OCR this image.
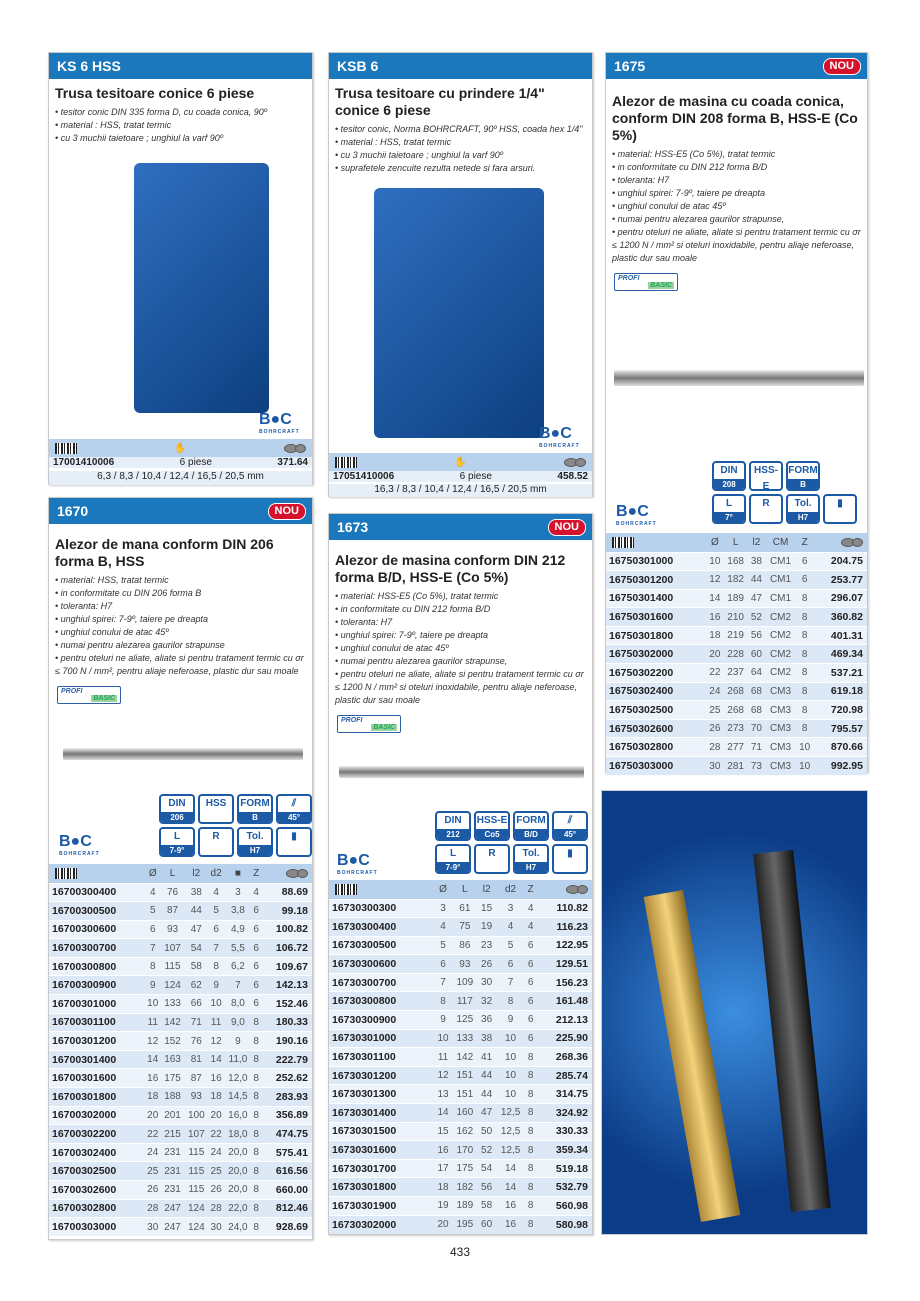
KS 6 HSS
Trusa tesitoare conice 6 piese
• tesitor conic DIN 335 forma D, cu coada conica, 90º
• material : HSS, tratat termic
• cu 3 muchii taietoare ; unghiul la varf 90º
B●C
BOHRCRAFT
✋
17001410006	6 piese	371.64
6,3 / 8,3 / 10,4 / 12,4 / 16,5 / 20,5 mm
KSB 6
Trusa tesitoare cu prindere 1/4" conice 6 piese
• tesitor conic, Norma BOHRCRAFT, 90º HSS, coada hex 1/4"
• material : HSS, tratat termic
• cu 3 muchii taietoare ; unghiul la varf 90º
• suprafetele zencuite rezulta netede si fara arsuri.
B●C
BOHRCRAFT
✋
17051410006	6 piese	458.52
16,3 / 8,3 / 10,4 / 12,4 / 16,5 / 20,5 mm
1670	NOU
Alezor de mana conform DIN 206 forma B, HSS
• material: HSS, tratat termic
• in conformitate cu DIN 206 forma B
• toleranta: H7
• unghiul spirei: 7-9º, taiere pe dreapta
• unghiul conului de atac 45º
• numai pentru alezarea gaurilor strapunse
• pentru oteluri ne aliate, aliate si pentru tratament termic cu σr ≤ 700 N / mm², pentru aliaje neferoase, plastic dur sau moale
PROFI
BASIC
DIN
206
HSS	FORM
B
⫽
45°
L
7-9°
R	Tol.
H7
▮
B●C
BOHRCRAFT
	Ø	L	l2	d2	■	Z	
16700300400	4	76	38	4	3	4	88.69
16700300500	5	87	44	5	3,8	6	99.18
16700300600	6	93	47	6	4,9	6	100.82
16700300700	7	107	54	7	5,5	6	106.72
16700300800	8	115	58	8	6,2	6	109.67
16700300900	9	124	62	9	7	6	142.13
16700301000	10	133	66	10	8,0	6	152.46
16700301100	11	142	71	11	9,0	8	180.33
16700301200	12	152	76	12	9	8	190.16
16700301400	14	163	81	14	11,0	8	222.79
16700301600	16	175	87	16	12,0	8	252.62
16700301800	18	188	93	18	14,5	8	283.93
16700302000	20	201	100	20	16,0	8	356.89
16700302200	22	215	107	22	18,0	8	474.75
16700302400	24	231	115	24	20,0	8	575.41
16700302500	25	231	115	25	20,0	8	616.56
16700302600	26	231	115	26	20,0	8	660.00
16700302800	28	247	124	28	22,0	8	812.46
16700303000	30	247	124	30	24,0	8	928.69
1673	NOU
Alezor de masina conform DIN 212 forma B/D, HSS-E (Co 5%)
• material: HSS-E5 (Co 5%), tratat termic
• in conformitate cu DIN 212 forma B/D
• toleranta: H7
• unghiul spirei: 7-9º, taiere pe dreapta
• unghiul conului de atac 45º
• numai pentru alezarea gaurilor strapunse,
• pentru oteluri ne aliate, aliate si pentru tratament termic cu σr ≤ 1200 N / mm² si oteluri inoxidabile, pentru aliaje neferoase, plastic dur sau moale
PROFI
BASIC
DIN
212
HSS-E
Co5
FORM
B/D
⫽
45°
L
7-9°
R	Tol.
H7
▮
B●C
BOHRCRAFT
	Ø	L	l2	d2	Z	
16730300300	3	61	15	3	4	110.82
16730300400	4	75	19	4	4	116.23
16730300500	5	86	23	5	6	122.95
16730300600	6	93	26	6	6	129.51
16730300700	7	109	30	7	6	156.23
16730300800	8	117	32	8	6	161.48
16730300900	9	125	36	9	6	212.13
16730301000	10	133	38	10	6	225.90
16730301100	11	142	41	10	8	268.36
16730301200	12	151	44	10	8	285.74
16730301300	13	151	44	10	8	314.75
16730301400	14	160	47	12,5	8	324.92
16730301500	15	162	50	12,5	8	330.33
16730301600	16	170	52	12,5	8	359.34
16730301700	17	175	54	14	8	519.18
16730301800	18	182	56	14	8	532.79
16730301900	19	189	58	16	8	560.98
16730302000	20	195	60	16	8	580.98
1675	NOU
Alezor de masina cu coada conica, conform DIN 208 forma B, HSS-E (Co 5%)
• material: HSS-E5 (Co 5%), tratat termic
• in conformitate cu DIN 212 forma B/D
• toleranta: H7
• unghiul spirei: 7-9º, taiere pe dreapta
• unghiul conului de atac 45º
• numai pentru alezarea gaurilor strapunse,
• pentru oteluri ne aliate, aliate si pentru tratament termic cu σr ≤ 1200 N / mm² si oteluri inoxidabile, pentru aliaje neferoase, plastic dur sau moale
PROFI
BASIC
DIN
208
HSS-E
FORM
B
L
7°
R	Tol.
H7
▮
B●C
BOHRCRAFT
	Ø	L	l2	CM	Z	
16750301000	10	168	38	CM1	6	204.75
16750301200	12	182	44	CM1	6	253.77
16750301400	14	189	47	CM1	8	296.07
16750301600	16	210	52	CM2	8	360.82
16750301800	18	219	56	CM2	8	401.31
16750302000	20	228	60	CM2	8	469.34
16750302200	22	237	64	CM2	8	537.21
16750302400	24	268	68	CM3	8	619.18
16750302500	25	268	68	CM3	8	720.98
16750302600	26	273	70	CM3	8	795.57
16750302800	28	277	71	CM3	10	870.66
16750303000	30	281	73	CM3	10	992.95
433
